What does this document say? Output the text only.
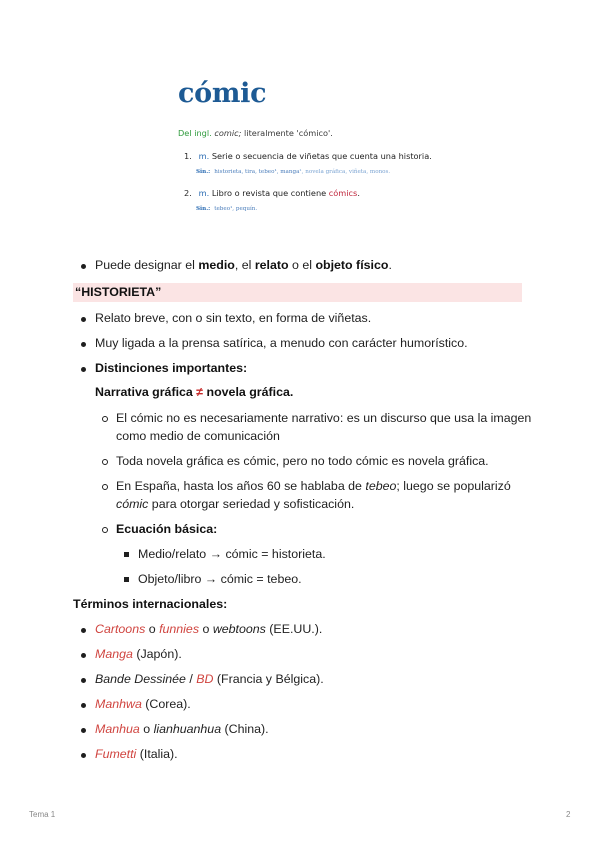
cómic
Del ingl. comic; literalmente 'cómico'.
1. m. Serie o secuencia de viñetas que cuenta una historia.
Sin.: historieta, tira, tebeo¹, manga¹, novela gráfica, viñeta, monos.
2. m. Libro o revista que contiene cómics.
Sin.: tebeo¹, pequín.
Puede designar el medio, el relato o el objeto físico.
“HISTORIETA”
Relato breve, con o sin texto, en forma de viñetas.
Muy ligada a la prensa satírica, a menudo con carácter humorístico.
Distinciones importantes:
Narrativa gráfica ≠ novela gráfica.
El cómic no es necesariamente narrativo: es un discurso que usa la imagen como medio de comunicación
Toda novela gráfica es cómic, pero no todo cómic es novela gráfica.
En España, hasta los años 60 se hablaba de tebeo; luego se popularizó cómic para otorgar seriedad y sofisticación.
Ecuación básica:
Medio/relato → cómic = historieta.
Objeto/libro → cómic = tebeo.
Términos internacionales:
Cartoons o funnies o webtoons (EE.UU.).
Manga (Japón).
Bande Dessinée / BD (Francia y Bélgica).
Manhwa (Corea).
Manhua o lianhuanhua (China).
Fumetti (Italia).
Tema 1	2
